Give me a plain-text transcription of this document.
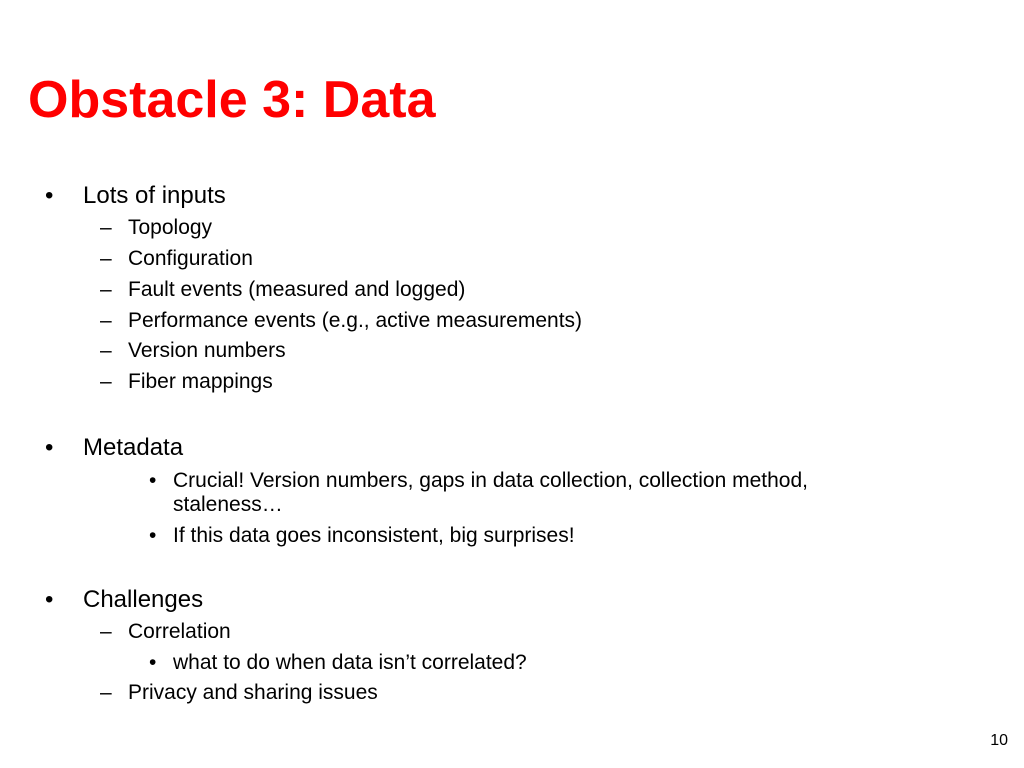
Obstacle 3: Data
• Lots of inputs
– Topology
– Configuration
– Fault events (measured and logged)
– Performance events (e.g., active measurements)
– Version numbers
– Fiber mappings
• Metadata
• Crucial! Version numbers, gaps in data collection, collection method,
staleness…
• If this data goes inconsistent, big surprises!
• Challenges
– Correlation
• what to do when data isn’t correlated?
– Privacy and sharing issues
10
